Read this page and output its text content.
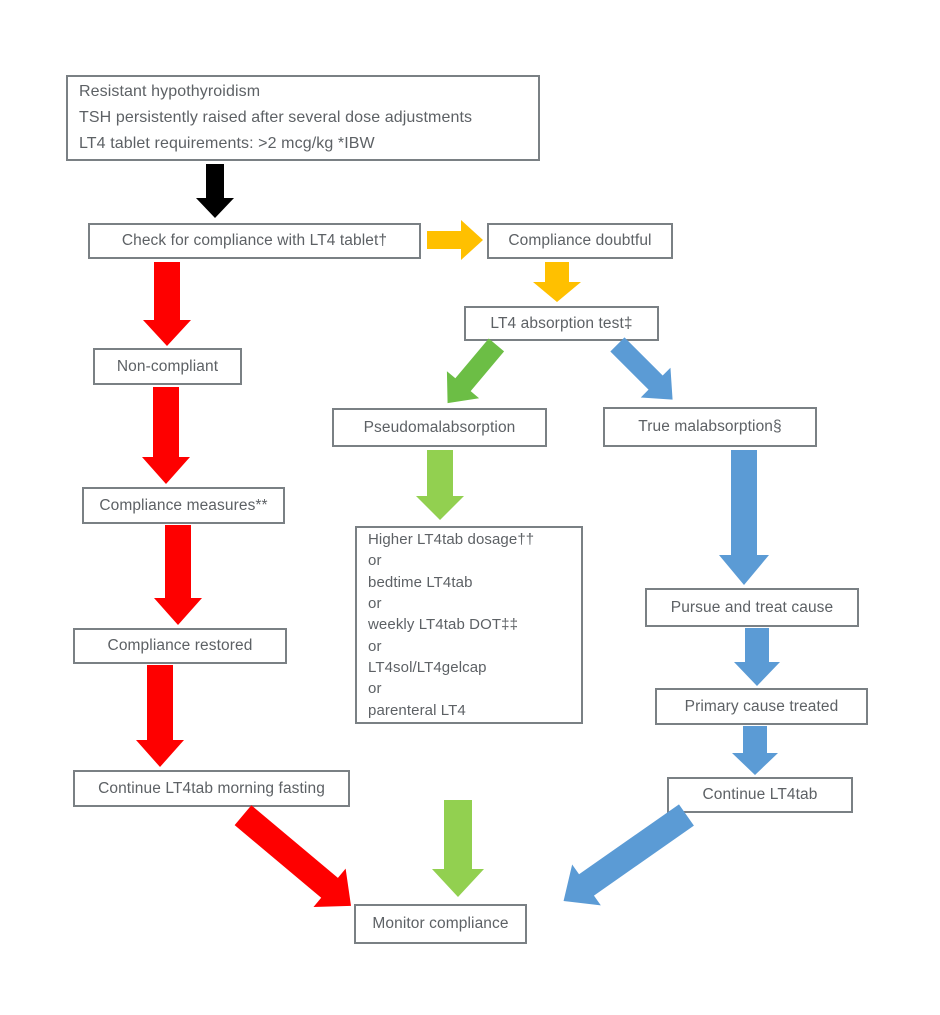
Resistant hypothyroidism
TSH persistently raised after several dose adjustments
LT4 tablet requirements: >2 mcg/kg *IBW
Check for compliance with LT4 tablet†	Compliance doubtful
LT4 absorption test‡
Non-compliant
Compliance measures**
Compliance restored
Continue LT4tab morning fasting
Pseudomalabsorption
Higher LT4tab dosage††
or
bedtime LT4tab
or
weekly LT4tab DOT‡‡
or
LT4sol/LT4gelcap
or
parenteral LT4
True malabsorption§
Pursue and treat cause
Primary cause treated
Continue LT4tab
Monitor compliance
